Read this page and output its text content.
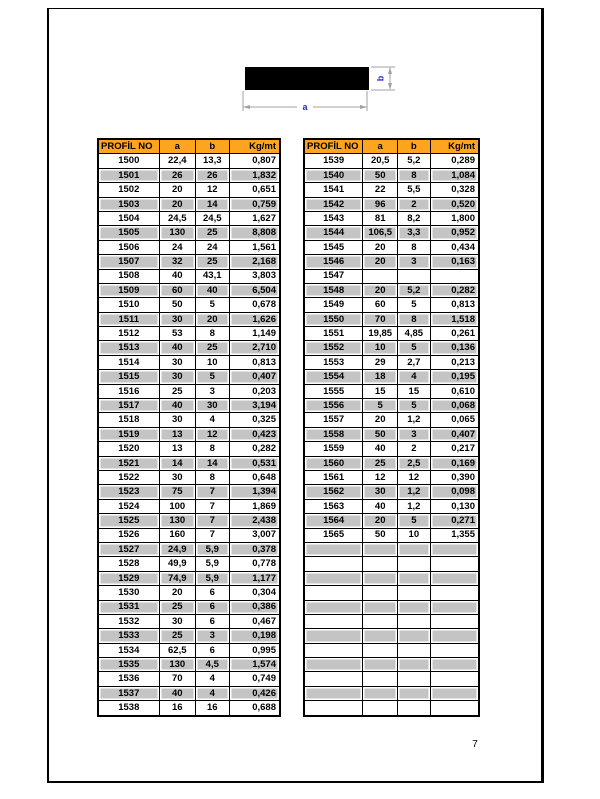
a
b
PROFİL NO	a	b	Kg/mt
1500	22,4	13,3	0,807
1501	26	26	1,832
1502	20	12	0,651
1503	20	14	0,759
1504	24,5	24,5	1,627
1505	130	25	8,808
1506	24	24	1,561
1507	32	25	2,168
1508	40	43,1	3,803
1509	60	40	6,504
1510	50	5	0,678
1511	30	20	1,626
1512	53	8	1,149
1513	40	25	2,710
1514	30	10	0,813
1515	30	5	0,407
1516	25	3	0,203
1517	40	30	3,194
1518	30	4	0,325
1519	13	12	0,423
1520	13	8	0,282
1521	14	14	0,531
1522	30	8	0,648
1523	75	7	1,394
1524	100	7	1,869
1525	130	7	2,438
1526	160	7	3,007
1527	24,9	5,9	0,378
1528	49,9	5,9	0,778
1529	74,9	5,9	1,177
1530	20	6	0,304
1531	25	6	0,386
1532	30	6	0,467
1533	25	3	0,198
1534	62,5	6	0,995
1535	130	4,5	1,574
1536	70	4	0,749
1537	40	4	0,426
1538	16	16	0,688
PROFİL NO	a	b	Kg/mt
1539	20,5	5,2	0,289
1540	50	8	1,084
1541	22	5,5	0,328
1542	96	2	0,520
1543	81	8,2	1,800
1544	106,5	3,3	0,952
1545	20	8	0,434
1546	20	3	0,163
1547			
1548	20	5,2	0,282
1549	60	5	0,813
1550	70	8	1,518
1551	19,85	4,85	0,261
1552	10	5	0,136
1553	29	2,7	0,213
1554	18	4	0,195
1555	15	15	0,610
1556	5	5	0,068
1557	20	1,2	0,065
1558	50	3	0,407
1559	40	2	0,217
1560	25	2,5	0,169
1561	12	12	0,390
1562	30	1,2	0,098
1563	40	1,2	0,130
1564	20	5	0,271
1565	50	10	1,355

7
